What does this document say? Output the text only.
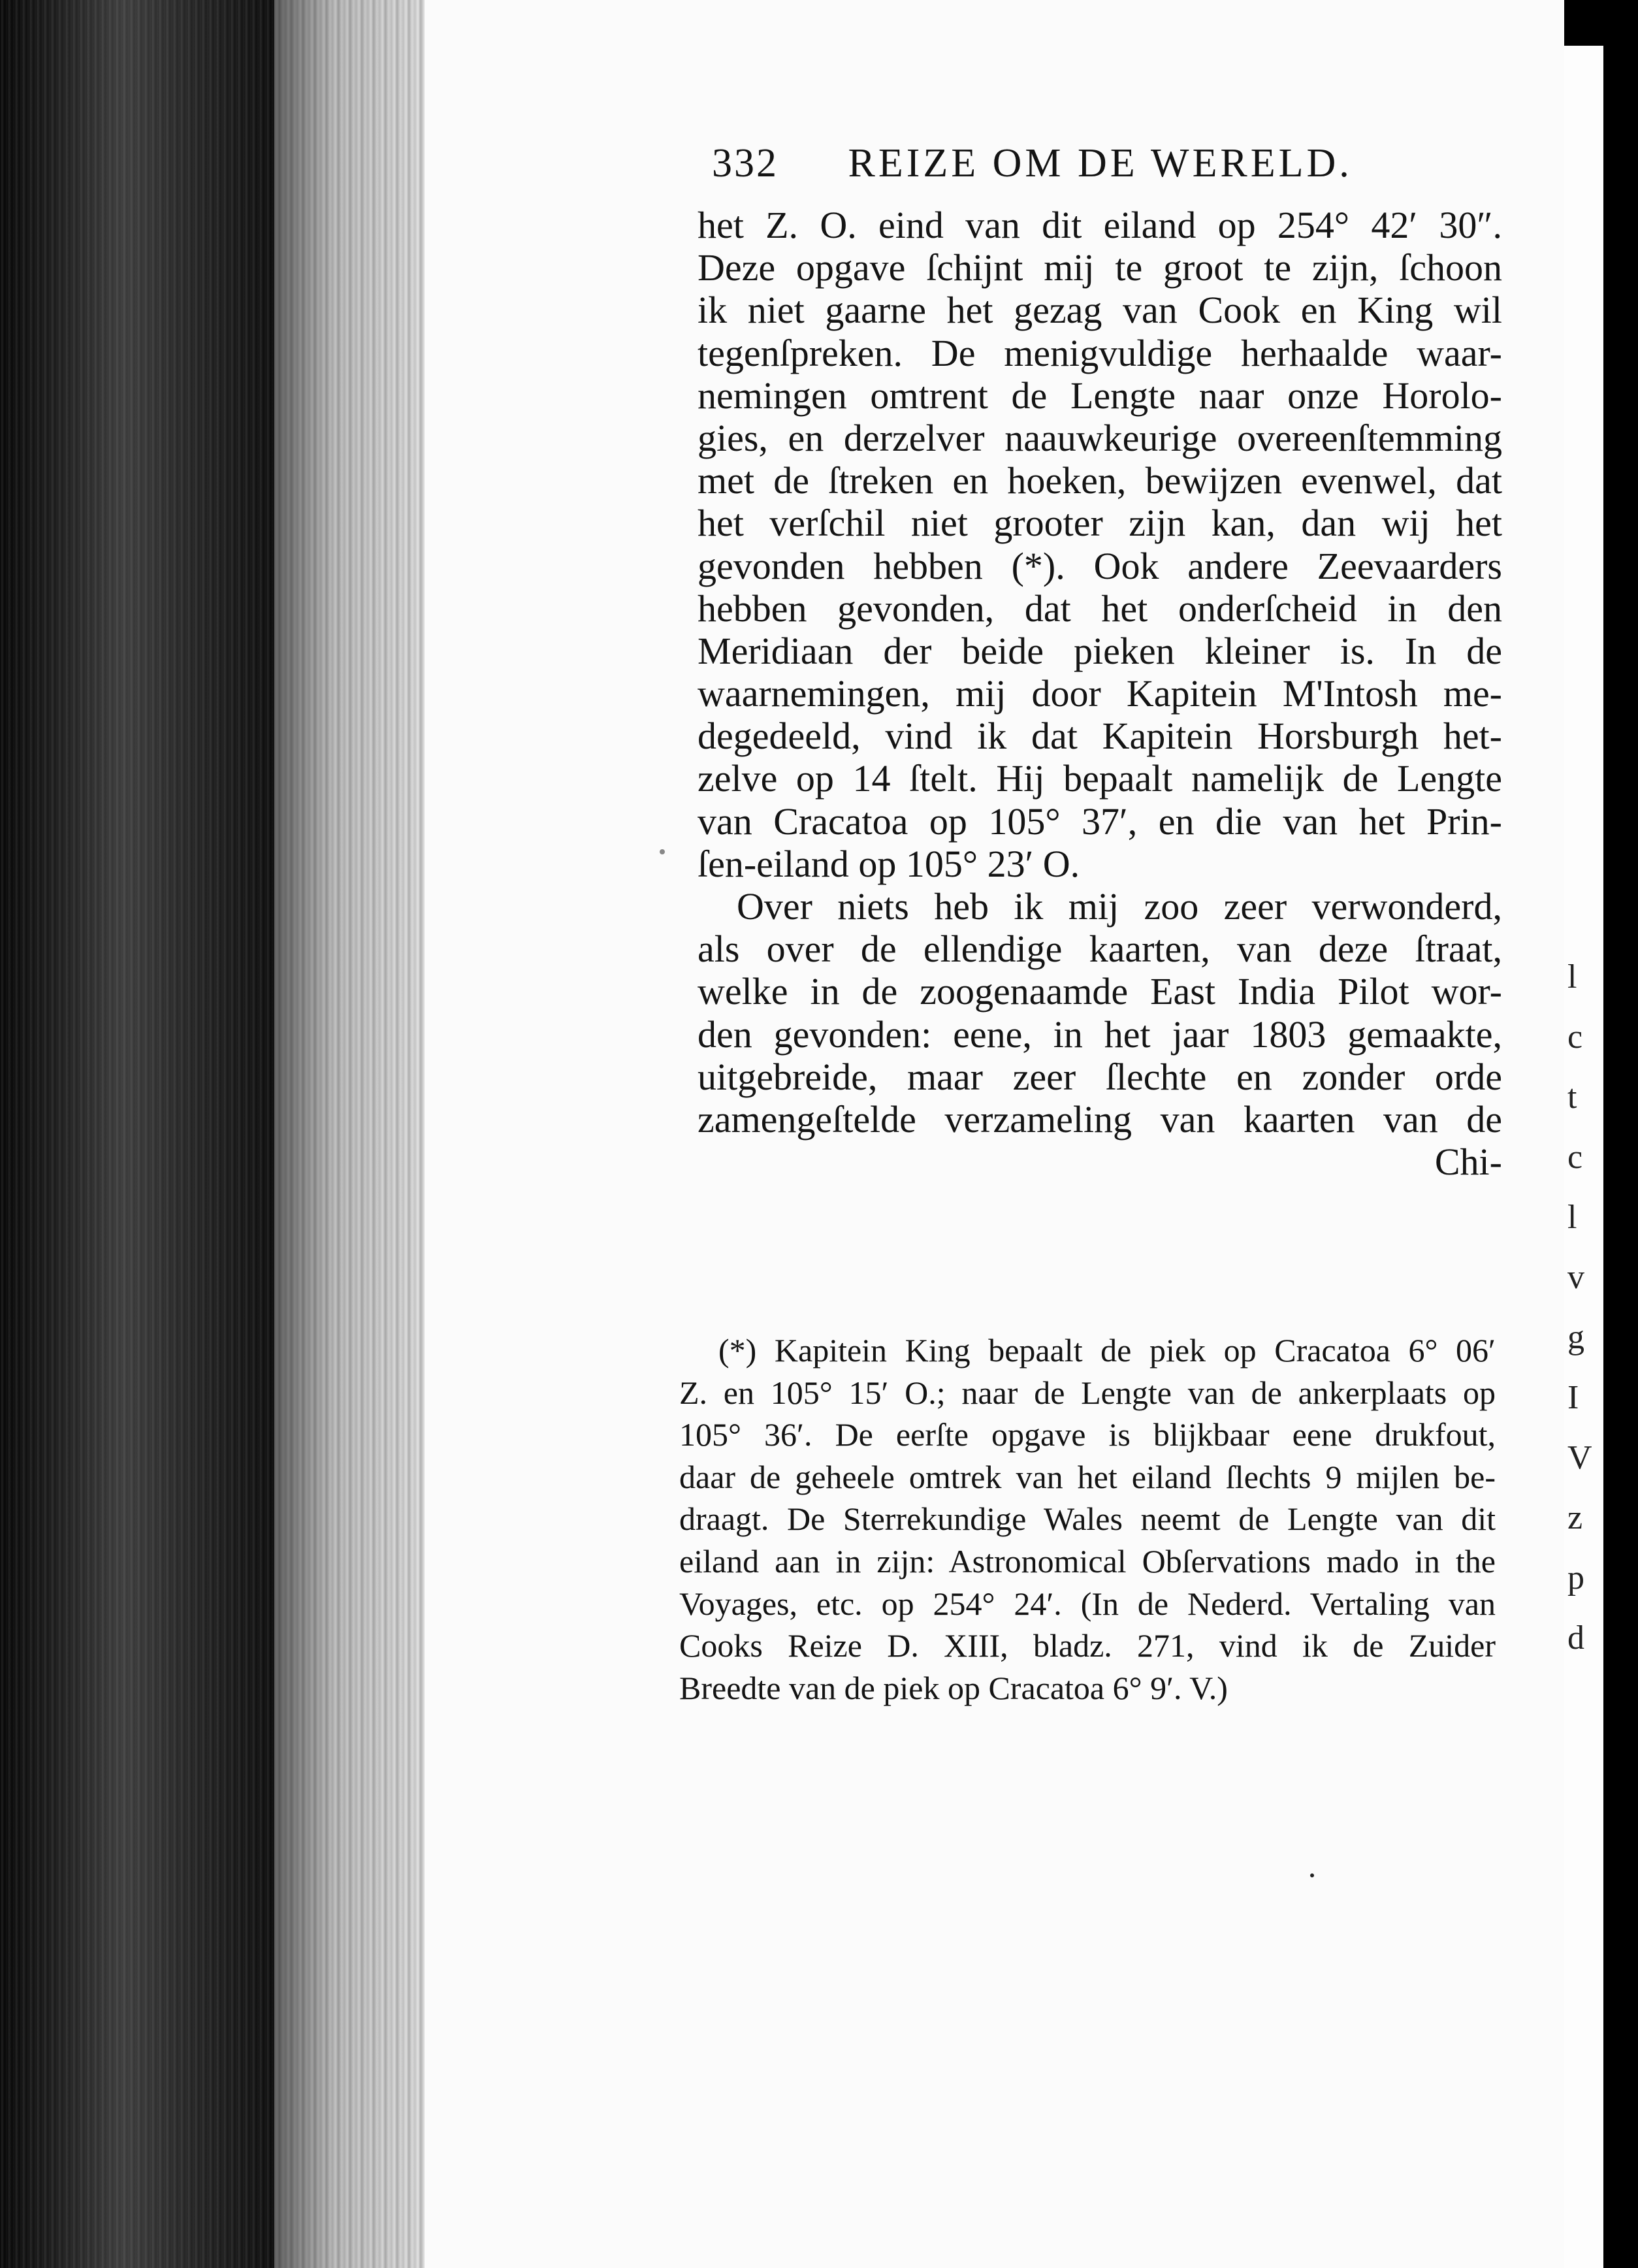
l
c
t
c
l
v
g
I
V
z
p
d
332 REIZE OM DE WERELD.
het Z. O. eind van dit eiland op 254° 42′ 30″.
Deze opgave ſchijnt mij te groot te zijn, ſchoon
ik niet gaarne het gezag van Cook en King wil
tegenſpreken. De menigvuldige herhaalde waar-
nemingen omtrent de Lengte naar onze Horolo-
gies, en derzelver naauwkeurige overeenſtemming
met de ſtreken en hoeken, bewijzen evenwel, dat
het verſchil niet grooter zijn kan, dan wij het
gevonden hebben (*). Ook andere Zeevaarders
hebben gevonden, dat het onderſcheid in den
Meridiaan der beide pieken kleiner is. In de
waarnemingen, mij door Kapitein M'Intosh me-
degedeeld, vind ik dat Kapitein Horsburgh het-
zelve op 14 ſtelt. Hij bepaalt namelijk de Lengte
van Cracatoa op 105° 37′, en die van het Prin-
ſen-eiland op 105° 23′ O.
Over niets heb ik mij zoo zeer verwonderd,
als over de ellendige kaarten, van deze ſtraat,
welke in de zoogenaamde East India Pilot wor-
den gevonden: eene, in het jaar 1803 gemaakte,
uitgebreide, maar zeer ſlechte en zonder orde
zamengeſtelde verzameling van kaarten van de
Chi-
(*) Kapitein King bepaalt de piek op Cracatoa 6° 06′
Z. en 105° 15′ O.; naar de Lengte van de ankerplaats op
105° 36′. De eerſte opgave is blijkbaar eene drukfout,
daar de geheele omtrek van het eiland ſlechts 9 mijlen be-
draagt. De Sterrekundige Wales neemt de Lengte van dit
eiland aan in zijn: Astronomical Obſervations mado in the
Voyages, etc. op 254° 24′. (In de Nederd. Vertaling van
Cooks Reize D. XIII, bladz. 271, vind ik de Zuider
Breedte van de piek op Cracatoa 6° 9′. V.)
